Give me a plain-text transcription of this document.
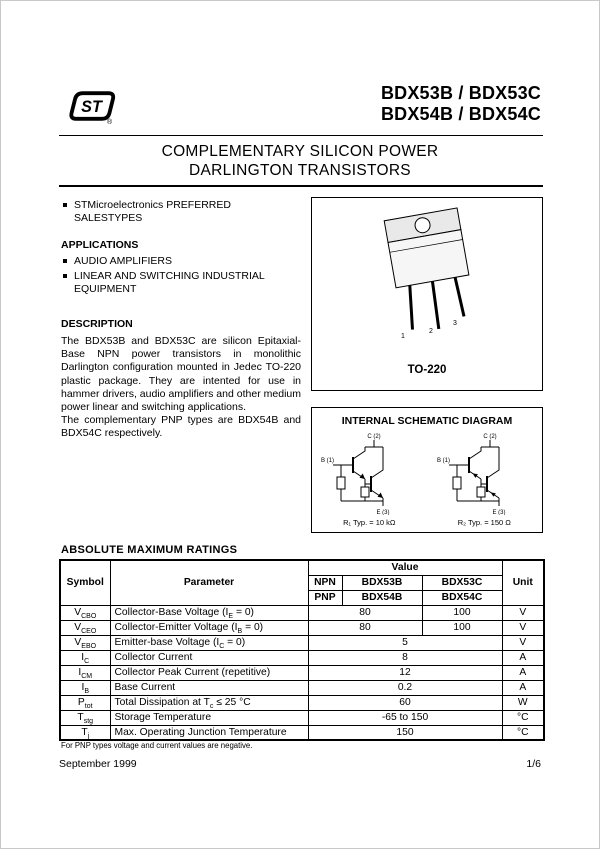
ST
®
BDX53B / BDX53C
BDX54B / BDX54C
COMPLEMENTARY SILICON POWER
DARLINGTON TRANSISTORS
STMicroelectronics PREFERRED SALESTYPES
APPLICATIONS
AUDIO AMPLIFIERS
LINEAR AND SWITCHING INDUSTRIAL EQUIPMENT
DESCRIPTION
The BDX53B and BDX53C are silicon Epitaxial-Base NPN power transistors in monolithic Darlington configuration mounted in Jedec TO-220 plastic package. They are intented for use in hammer drivers, audio amplifiers and other medium power linear and switching applications.
The complementary PNP types are BDX54B and BDX54C respectively.
1
2
3
TO-220
INTERNAL SCHEMATIC DIAGRAM
C (2)
B (1)
E (3)
C (2)
B (1)
E (3)
R₁ Typ. = 10 kΩ	R₂ Typ. = 150 Ω
ABSOLUTE MAXIMUM RATINGS
Symbol	Parameter	Value			Unit
		NPN	BDX53B	BDX53C	
		PNP	BDX54B	BDX54C	
$V_{CBO}$	Collector-Base Voltage $(I_E = 0)$	80		100	V
$V_{CEO}$	Collector-Emitter Voltage $(I_B = 0)$	80		100	V
$V_{EBO}$	Emitter-base Voltage $(I_C = 0)$	5			V
$I_C$	Collector Current	8			A
$I_{CM}$	Collector Peak Current (repetitive)	12			A
$I_B$	Base Current	0.2			A
$P_{tot}$	Total Dissipation at $T_c \le 25$ °C	60			W
$T_{stg}$	Storage Temperature	-65 to 150			°C
$T_j$	Max. Operating Junction Temperature	150			°C
For PNP types voltage and current values are negative.
September 1999	1/6
